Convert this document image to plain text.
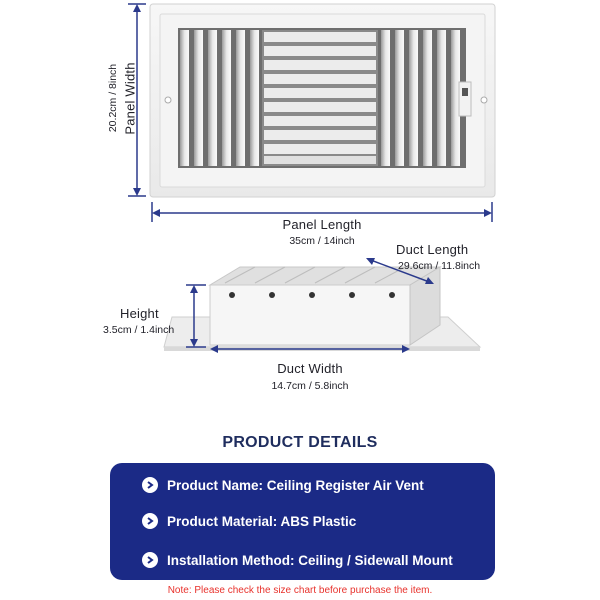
Panel Width
20.2cm / 8inch
Panel Length
35cm / 14inch
Duct Length
29.6cm / 11.8inch
Height
3.5cm / 1.4inch
Duct Width
14.7cm / 5.8inch
PRODUCT DETAILS
Product Name: Ceiling Register Air Vent
Product Material: ABS Plastic
Installation Method: Ceiling / Sidewall Mount
Note: Please check the size chart before purchase the item.
